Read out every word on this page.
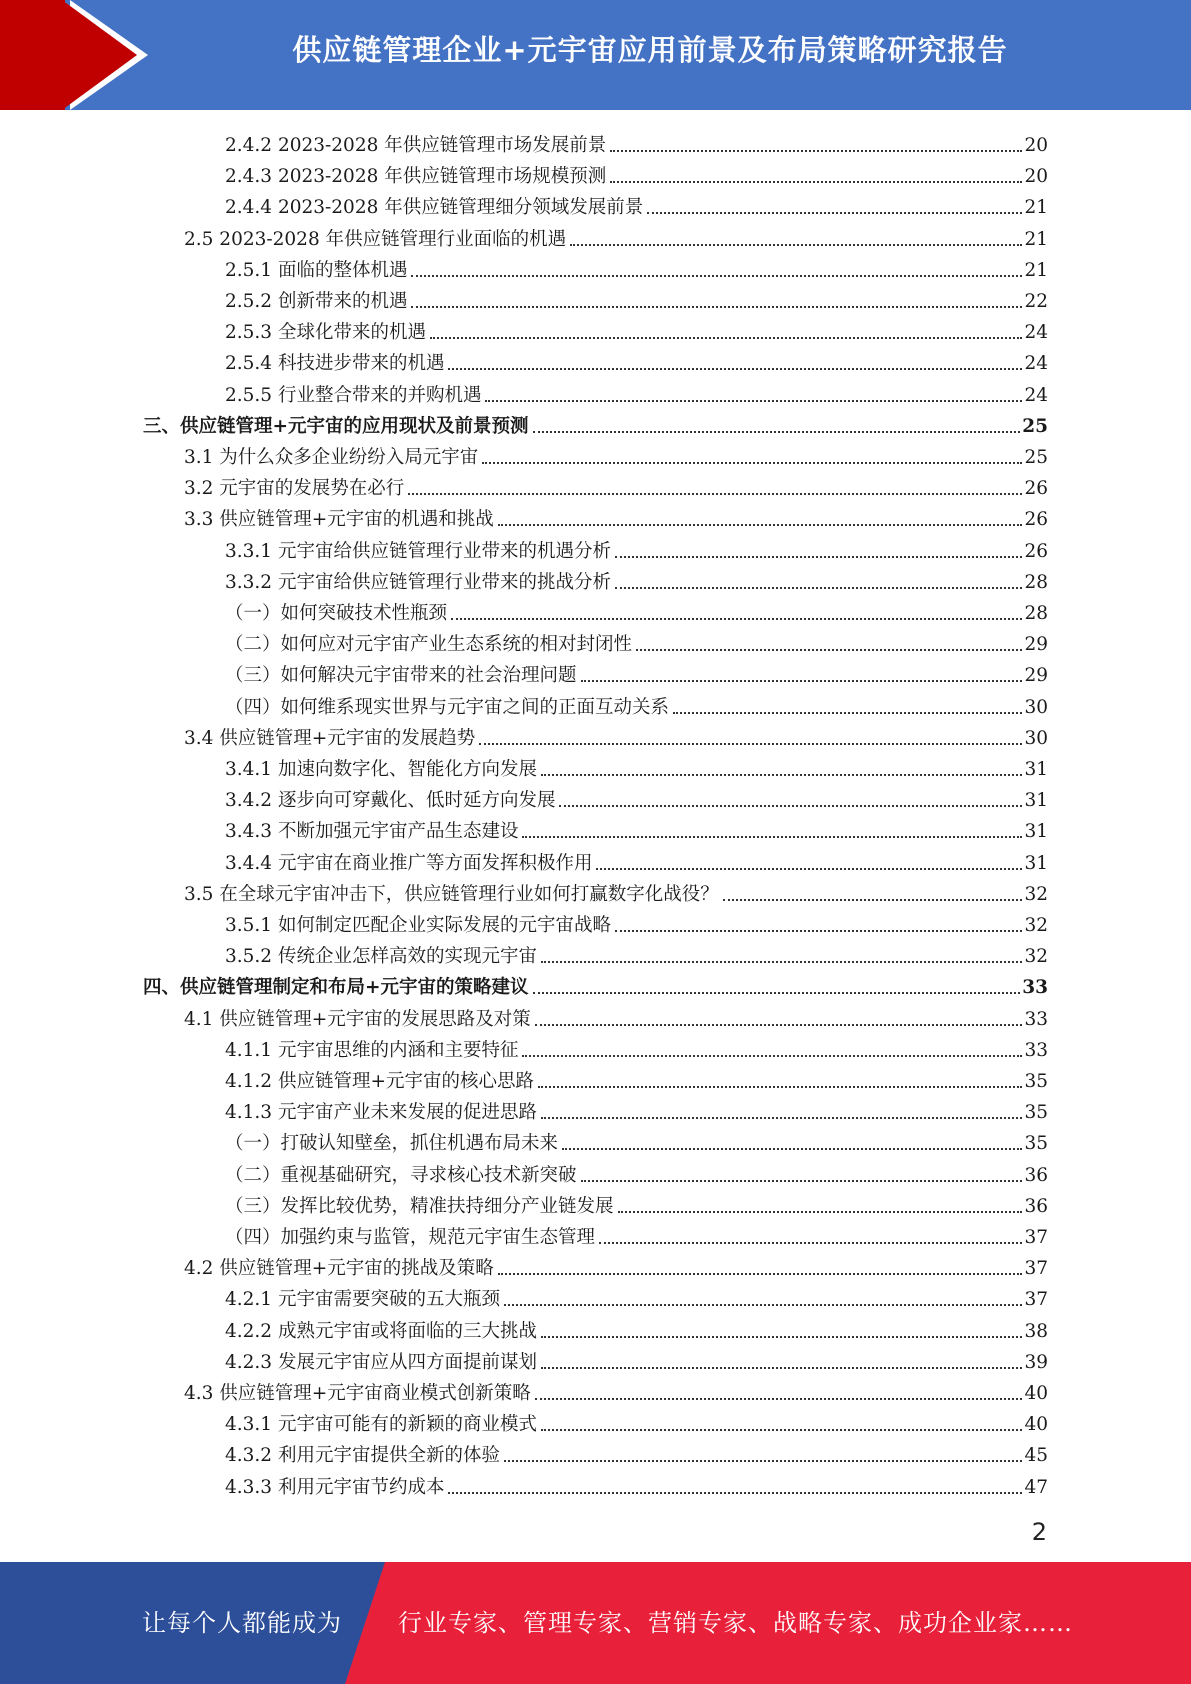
供应链管理企业+元宇宙应用前景及布局策略研究报告
2.4.2 2023-2028 年供应链管理市场发展前景	20
2.4.3 2023-2028 年供应链管理市场规模预测	20
2.4.4 2023-2028 年供应链管理细分领域发展前景	21
2.5 2023-2028 年供应链管理行业面临的机遇	21
2.5.1 面临的整体机遇	21
2.5.2 创新带来的机遇	22
2.5.3 全球化带来的机遇	24
2.5.4 科技进步带来的机遇	24
2.5.5 行业整合带来的并购机遇	24
三、供应链管理+元宇宙的应用现状及前景预测	25
3.1 为什么众多企业纷纷入局元宇宙	25
3.2 元宇宙的发展势在必行	26
3.3 供应链管理+元宇宙的机遇和挑战	26
3.3.1 元宇宙给供应链管理行业带来的机遇分析	26
3.3.2 元宇宙给供应链管理行业带来的挑战分析	28
（一）如何突破技术性瓶颈	28
（二）如何应对元宇宙产业生态系统的相对封闭性	29
（三）如何解决元宇宙带来的社会治理问题	29
（四）如何维系现实世界与元宇宙之间的正面互动关系	30
3.4 供应链管理+元宇宙的发展趋势	30
3.4.1 加速向数字化、智能化方向发展	31
3.4.2 逐步向可穿戴化、低时延方向发展	31
3.4.3 不断加强元宇宙产品生态建设	31
3.4.4 元宇宙在商业推广等方面发挥积极作用	31
3.5 在全球元宇宙冲击下，供应链管理行业如何打赢数字化战役？	32
3.5.1 如何制定匹配企业实际发展的元宇宙战略	32
3.5.2 传统企业怎样高效的实现元宇宙	32
四、供应链管理制定和布局+元宇宙的策略建议	33
4.1 供应链管理+元宇宙的发展思路及对策	33
4.1.1 元宇宙思维的内涵和主要特征	33
4.1.2 供应链管理+元宇宙的核心思路	35
4.1.3 元宇宙产业未来发展的促进思路	35
（一）打破认知壁垒，抓住机遇布局未来	35
（二）重视基础研究，寻求核心技术新突破	36
（三）发挥比较优势，精准扶持细分产业链发展	36
（四）加强约束与监管，规范元宇宙生态管理	37
4.2 供应链管理+元宇宙的挑战及策略	37
4.2.1 元宇宙需要突破的五大瓶颈	37
4.2.2 成熟元宇宙或将面临的三大挑战	38
4.2.3 发展元宇宙应从四方面提前谋划	39
4.3 供应链管理+元宇宙商业模式创新策略	40
4.3.1 元宇宙可能有的新颖的商业模式	40
4.3.2 利用元宇宙提供全新的体验	45
4.3.3 利用元宇宙节约成本	47
2
让每个人都能成为 行业专家、管理专家、营销专家、战略专家、成功企业家……
